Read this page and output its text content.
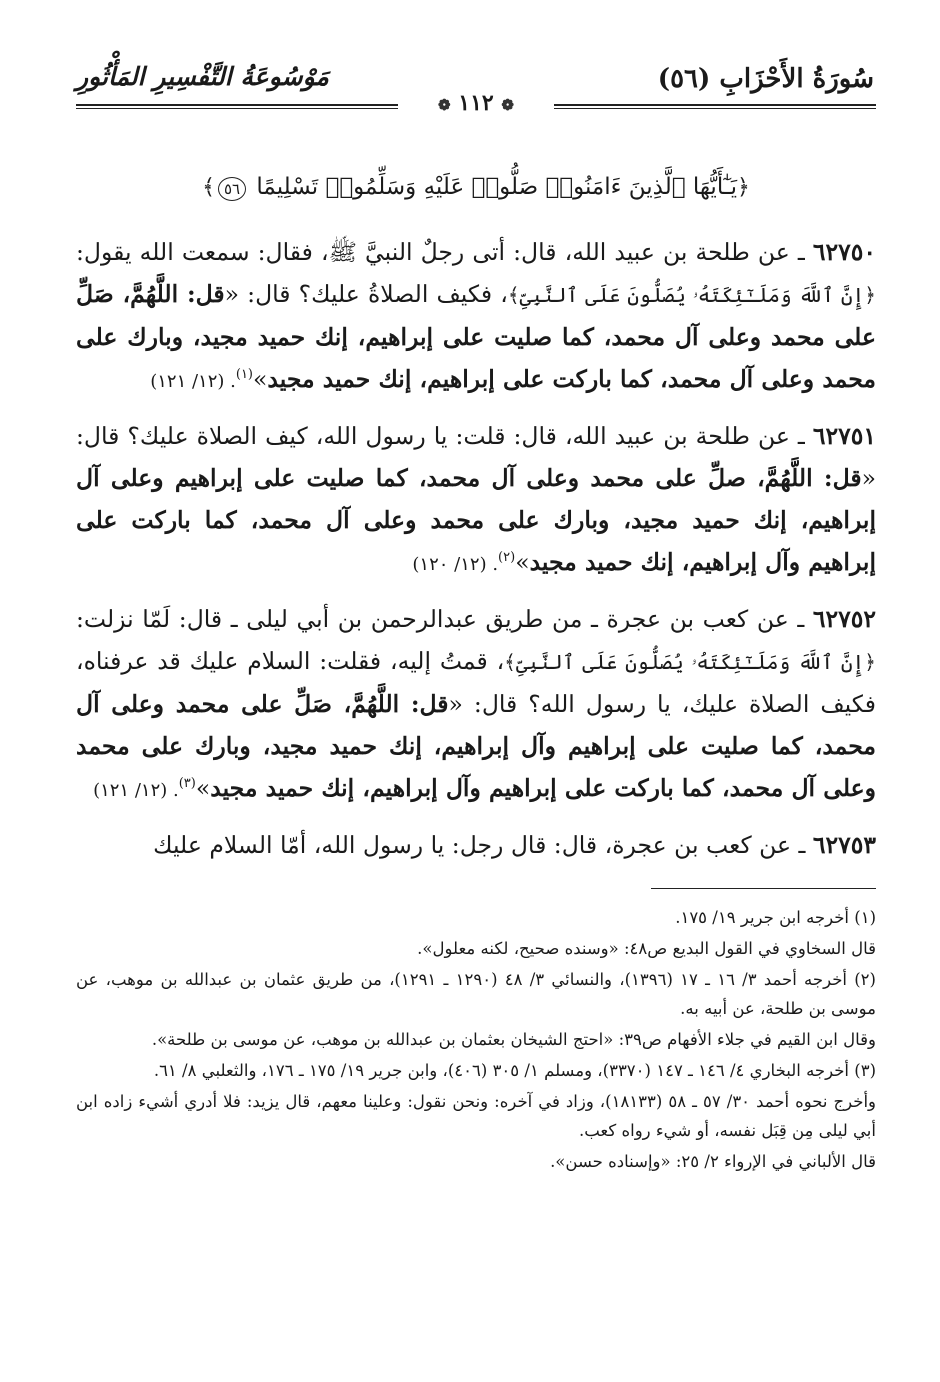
سُورَةُ الأَحْزَابِ (٥٦)
مَوْسُوعَةُ التَّفْسِيرِ المَأْثُورِ
❁ ١١٢ ❁
﴿يَـٰٓأَيُّهَا ٱلَّذِينَ ءَامَنُوا۟ صَلُّوا۟ عَلَيْهِ وَسَلِّمُوا۟ تَسْلِيمًا ٥٦﴾

٦٢٧٥٠ ـ عن طلحة بن عبيد الله، قال: أتى رجلٌ النبيَّ ﷺ، فقال: سمعت الله يقول: ﴿إِنَّ ٱللَّهَ وَمَلَـٰٓئِكَتَهُۥ يُصَلُّونَ عَلَى ٱلنَّبِىِّ﴾، فكيف الصلاةُ عليك؟ قال: «قل: اللَّهُمَّ، صَلِّ على محمد وعلى آل محمد، كما صليت على إبراهيم، إنك حميد مجيد، وبارك على محمد وعلى آل محمد، كما باركت على إبراهيم، إنك حميد مجيد»$^{(١)}$. (١٢/ ١٢١)

٦٢٧٥١ ـ عن طلحة بن عبيد الله، قال: قلت: يا رسول الله، كيف الصلاة عليك؟ قال: «قل: اللَّهُمَّ، صلِّ على محمد وعلى آل محمد، كما صليت على إبراهيم وعلى آل إبراهيم، إنك حميد مجيد، وبارك على محمد وعلى آل محمد، كما باركت على إبراهيم وآل إبراهيم، إنك حميد مجيد»$^{(٢)}$. (١٢/ ١٢٠)

٦٢٧٥٢ ـ عن كعب بن عجرة ـ من طريق عبدالرحمن بن أبي ليلى ـ قال: لَمّا نزلت: ﴿إِنَّ ٱللَّهَ وَمَلَـٰٓئِكَتَهُۥ يُصَلُّونَ عَلَى ٱلنَّبِىِّ﴾، قمتُ إليه، فقلت: السلام عليك قد عرفناه، فكيف الصلاة عليك، يا رسول الله؟ قال: «قل: اللَّهُمَّ، صَلِّ على محمد وعلى آل محمد، كما صليت على إبراهيم وآل إبراهيم، إنك حميد مجيد، وبارك على محمد وعلى آل محمد، كما باركت على إبراهيم وآل إبراهيم، إنك حميد مجيد»$^{(٣)}$. (١٢/ ١٢١)

٦٢٧٥٣ ـ عن كعب بن عجرة، قال: قال رجل: يا رسول الله، أمّا السلام عليك

(١) أخرجه ابن جرير ١٩/ ١٧٥.

قال السخاوي في القول البديع ص٤٨: «وسنده صحيح، لكنه معلول».

(٢) أخرجه أحمد ٣/ ١٦ ـ ١٧ (١٣٩٦)، والنسائي ٣/ ٤٨ (١٢٩٠ ـ ١٢٩١)، من طريق عثمان بن عبدالله بن موهب، عن موسى بن طلحة، عن أبيه به.

وقال ابن القيم في جلاء الأفهام ص٣٩: «احتج الشيخان بعثمان بن عبدالله بن موهب، عن موسى بن طلحة».

(٣) أخرجه البخاري ٤/ ١٤٦ ـ ١٤٧ (٣٣٧٠)، ومسلم ١/ ٣٠٥ (٤٠٦)، وابن جرير ١٩/ ١٧٥ ـ ١٧٦، والثعلبي ٨/ ٦١.

وأخرج نحوه أحمد ٣٠/ ٥٧ ـ ٥٨ (١٨١٣٣)، وزاد في آخره: ونحن نقول: وعلينا معهم، قال يزيد: فلا أدري أشيء زاده ابن أبي ليلى مِن قِبَل نفسه، أو شيء رواه كعب.

قال الألباني في الإرواء ٢/ ٢٥: «وإسناده حسن».
